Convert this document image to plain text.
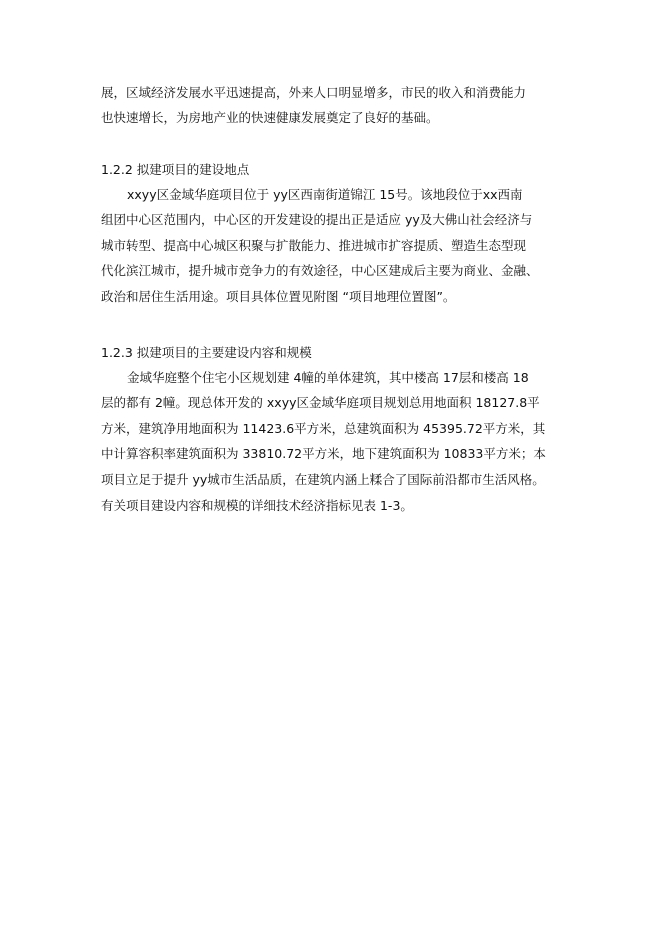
展，区域经济发展水平迅速提高，外来人口明显增多，市民的收入和消费能力
也快速增长，为房地产业的快速健康发展奠定了良好的基础。
1.2.2 拟建项目的建设地点
xxyy区金域华庭项目位于 yy区西南街道锦江 15号。该地段位于xx西南
组团中心区范围内，中心区的开发建设的提出正是适应 yy及大佛山社会经济与
城市转型、提高中心城区积聚与扩散能力、推进城市扩容提质、塑造生态型现
代化滨江城市，提升城市竞争力的有效途径，中心区建成后主要为商业、金融、
政治和居住生活用途。项目具体位置见附图 “项目地理位置图”。
1.2.3 拟建项目的主要建设内容和规模
金域华庭整个住宅小区规划建 4幢的单体建筑，其中楼高 17层和楼高 18
层的都有 2幢。现总体开发的 xxyy区金域华庭项目规划总用地面积 18127.8平
方米，建筑净用地面积为 11423.6平方米，总建筑面积为 45395.72平方米，其
中计算容积率建筑面积为 33810.72平方米，地下建筑面积为 10833平方米；本
项目立足于提升 yy城市生活品质，在建筑内涵上糅合了国际前沿都市生活风格。
有关项目建设内容和规模的详细技术经济指标见表 1-3。
